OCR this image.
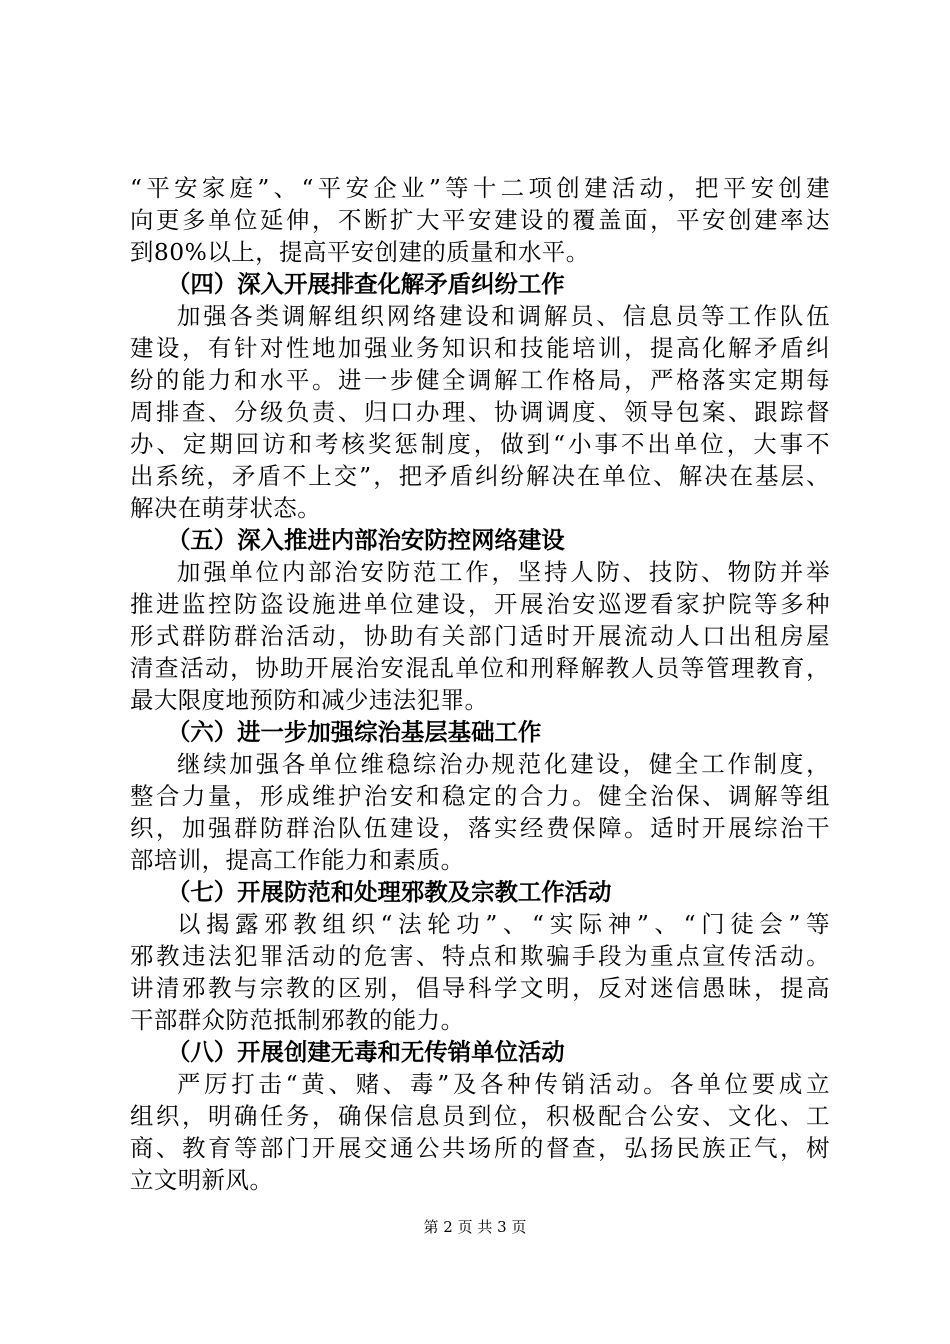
“平安家庭”、“平安企业”等十二项创建活动，把平安创建
向更多单位延伸，不断扩大平安建设的覆盖面，平安创建率达
到80%以上，提高平安创建的质量和水平。
（四）深入开展排查化解矛盾纠纷工作
加强各类调解组织网络建设和调解员、信息员等工作队伍
建设，有针对性地加强业务知识和技能培训，提高化解矛盾纠
纷的能力和水平。进一步健全调解工作格局，严格落实定期每
周排查、分级负责、归口办理、协调调度、领导包案、跟踪督
办、定期回访和考核奖惩制度，做到“小事不出单位，大事不
出系统，矛盾不上交”，把矛盾纠纷解决在单位、解决在基层、
解决在萌芽状态。
（五）深入推进内部治安防控网络建设
加强单位内部治安防范工作，坚持人防、技防、物防并举
推进监控防盗设施进单位建设，开展治安巡逻看家护院等多种
形式群防群治活动，协助有关部门适时开展流动人口出租房屋
清查活动，协助开展治安混乱单位和刑释解教人员等管理教育，
最大限度地预防和减少违法犯罪。
（六）进一步加强综治基层基础工作
继续加强各单位维稳综治办规范化建设，健全工作制度，
整合力量，形成维护治安和稳定的合力。健全治保、调解等组
织，加强群防群治队伍建设，落实经费保障。适时开展综治干
部培训，提高工作能力和素质。
（七）开展防范和处理邪教及宗教工作活动
以揭露邪教组织“法轮功”、“实际神”、“门徒会”等
邪教违法犯罪活动的危害、特点和欺骗手段为重点宣传活动。
讲清邪教与宗教的区别，倡导科学文明，反对迷信愚昧，提高
干部群众防范抵制邪教的能力。
（八）开展创建无毒和无传销单位活动
严厉打击“黄、赌、毒”及各种传销活动。各单位要成立
组织，明确任务，确保信息员到位，积极配合公安、文化、工
商、教育等部门开展交通公共场所的督查，弘扬民族正气，树
立文明新风。
第 2 页 共 3 页
